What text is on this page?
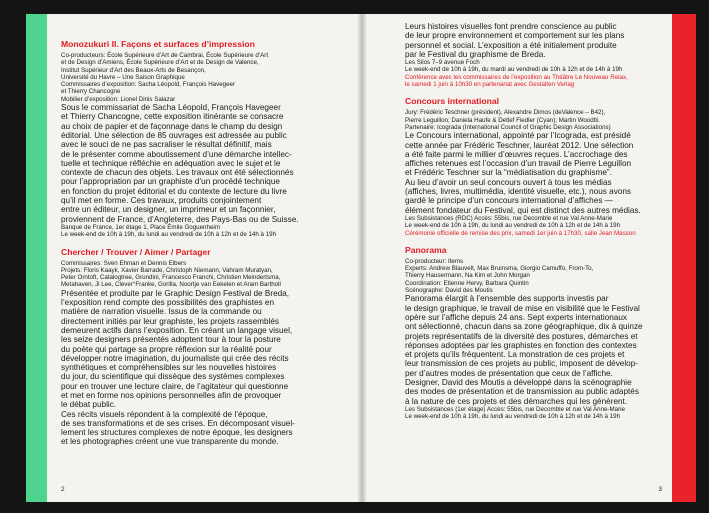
Monozukuri II. Façons et surfaces d’impression
Co-producteurs: École Supérieure d’Art de Cambrai, École Supérieure d’Art
et de Design d’Amiens, École Supérieure d’Art et de Design de Valence,
Institut Supérieur d’Art des Beaux-Arts de Besançon,
Université du Havre – Une Saison Graphique
Commissaires d’exposition: Sacha Léopold, François Havegeer
et Thierry Chancogne
Mobilier d’exposition: Lionel Dinis Salazar
Sous le commissariat de Sacha Léopold, François Havegeer
et Thierry Chancogne, cette exposition itinérante se consacre
au choix de papier et de façonnage dans le champ du design
éditorial. Une sélection de 85 ouvrages est adressée au public
avec le souci de ne pas sacraliser le résultat définitif, mais
de le présenter comme aboutissement d’une démarche intellec-
tuelle et technique réfléchie en adéquation avec le sujet et le
contexte de chacun des objets. Les travaux ont été sélectionnés
pour l’appropriation par un graphiste d’un procédé technique
en fonction du projet éditorial et du contexte de lecture du livre
qu’il met en forme. Ces travaux, produits conjointement
entre un éditeur, un designer, un imprimeur et un façonnier,
proviennent de France, d’Angleterre, des Pays-Bas ou de Suisse.
Banque de France, 1er étage 1, Place Émile Goguenheim
Le week-end de 10h à 19h, du lundi au vendredi de 10h à 12h et de 14h à 19h
Chercher / Trouver / Aimer / Partager
Commissaires: Sven Ehman et Dennis Elbers
Projets: Floris Kaayk, Xavier Barrade, Christoph Niemann, Vahram Muratyan,
Peter Orntoft, Catalogtree, Grundini, Francesco Franchi, Christien Meindertsma,
Metahaven, Ji Lee, Clever°Franke, Gorilla, Noortje van Eekelen et Aram Bartholl
Présentée et produite par le Graphic Design Festival de Breda,
l’exposition rend compte des possibilités des graphistes en
matière de narration visuelle. Issus de la commande ou
directement initiés par leur graphiste, les projets rassemblés
demeurent actifs dans l’exposition. En créant un langage visuel,
les seize designers présentés adoptent tour à tour la posture
du poète qui partage sa propre réflexion sur la réalité pour
développer notre imagination, du journaliste qui crée des récits
synthétiques et compréhensibles sur les nouvelles histoires
du jour, du scientifique qui dissèque des systèmes complexes
pour en trouver une lecture claire, de l’agitateur qui questionne
et met en forme nos opinions personnelles afin de provoquer
le débat public.
Ces récits visuels répondent à la complexité de l’époque,
de ses transformations et de ses crises. En décomposant visuel-
lement les structures complexes de notre époque, les designers
et les photographes créent une vue transparente du monde.
2
Leurs histoires visuelles font prendre conscience au public
de leur propre environnement et comportement sur les plans
personnel et social. L’exposition a été initialement produite
par le Festival du graphisme de Breda.
Les Silos 7–9 avenue Foch
Le week-end de 10h à 19h, du mardi au vendredi de 10h à 12h et de 14h à 19h
Conférence avec les commissaires de l’exposition au Théâtre Le Nouveau Relax,
le samedi 1 juin à 10h30 en partenariat avec Gestalten Verlag
Concours international
Jury: Frédéric Teschner (président), Alexandre Dimos (deValence – B42),
Pierre Leguillon; Daniela Haufe & Detlef Fiedler (Cyan); Martin Woodtli.
Partenaire: Icograda (International Council of Graphic Design Associations)
Le Concours international, appointé par l’Icograda, est présidé
cette année par Frédéric Teschner, lauréat 2012. Une sélection
a été faite parmi le millier d’œuvres reçues. L’accrochage des
affiches retenues est l’occasion d’un travail de Pierre Leguillon
et Frédéric Teschner sur la “médiatisation du graphisme”.
Au lieu d’avoir un seul concours ouvert à tous les médias
(affiches, livres, multimédia, identité visuelle, etc.), nous avons
gardé le principe d’un concours international d’affiches —
élément fondateur du Festival, qui est distinct des autres médias.
Les Subsistances (RDC) Accès: 55bis, rue Decomble et rue Val Anne-Marie
Le week-end de 10h à 19h, du lundi au vendredi de 10h à 12h et de 14h à 19h
Cérémonie officielle de remise des prix, samedi 1er juin à 17h30, salle Jean Masson
Panorama
Co-producteur: Items
Experts: Andrew Blauvelt, Max Bruinsma, Giorgio Camuffo, From-To,
Thierry Hausermann, Na Kim et John Morgan
Coordination: Etienne Hervy, Barbara Quintin
Scénographe: David des Moutis
Panorama élargit à l’ensemble des supports investis par
le design graphique, le travail de mise en visibilité que le Festival
opère sur l’affiche depuis 24 ans. Sept experts internationaux
ont sélectionné, chacun dans sa zone géographique, dix à quinze
projets représentatifs de la diversité des postures, démarches et
réponses adoptées par les graphistes en fonction des contextes
et projets qu’ils fréquentent. La monstration de ces projets et
leur transmission de ces projets au public, imposent de dévelop-
per d’autres modes de présentation que ceux de l’affiche.
Designer, David des Moutis a développé dans la scénographie
des modes de présentation et de transmission au public adaptés
à la nature de ces projets et des démarches qui les génèrent.
Les Subsistances (1er étage) Accès: 55bis, rue Decomble et rue Val Anne-Marie
Le week-end de 10h à 19h, du lundi au vendredi de 10h à 12h et de 14h à 19h
3
